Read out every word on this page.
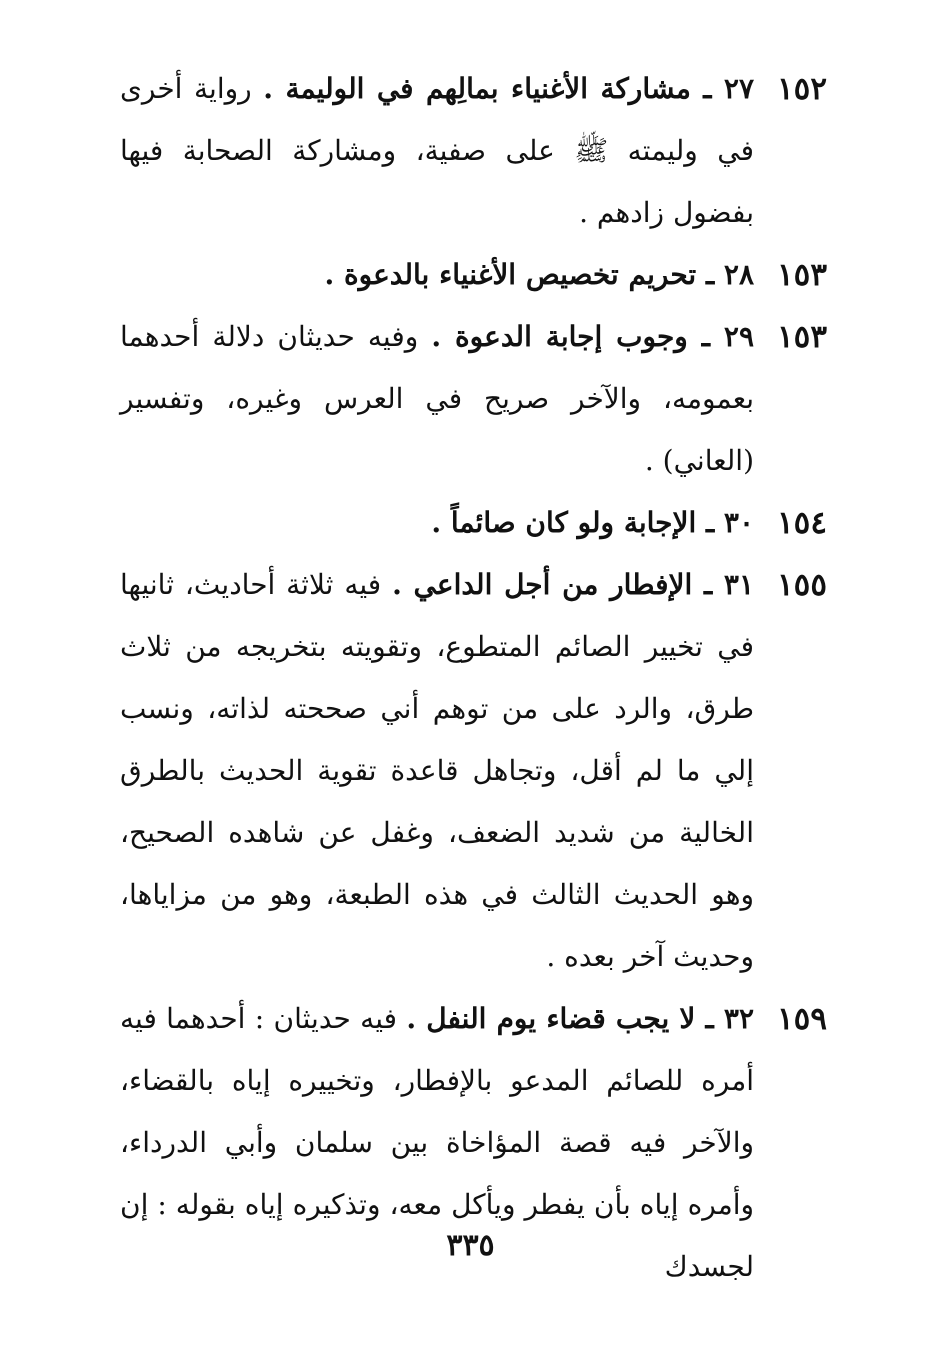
١٥٢
٢٧ ـ مشاركة الأغنياء بمالِهم في الوليمة . رواية أخرى في وليمته ﷺ على صفية، ومشاركة الصحابة فيها بفضول زادهم .
١٥٣
٢٨ ـ تحريم تخصيص الأغنياء بالدعوة .
١٥٣
٢٩ ـ وجوب إجابة الدعوة . وفيه حديثان دلالة أحدهما بعمومه، والآخر صريح في العرس وغيره، وتفسير (العاني) .
١٥٤
٣٠ ـ الإجابة ولو كان صائماً .
١٥٥
٣١ ـ الإفطار من أجل الداعي . فيه ثلاثة أحاديث، ثانيها في تخيير الصائم المتطوع، وتقويته بتخريجه من ثلاث طرق، والرد على من توهم أني صححته لذاته، ونسب إلي ما لم أقل، وتجاهل قاعدة تقوية الحديث بالطرق الخالية من شديد الضعف، وغفل عن شاهده الصحيح، وهو الحديث الثالث في هذه الطبعة، وهو من مزاياها، وحديث آخر بعده .
١٥٩
٣٢ ـ لا يجب قضاء يوم النفل . فيه حديثان : أحدهما فيه أمره للصائم المدعو بالإفطار، وتخييره إياه بالقضاء، والآخر فيه قصة المؤاخاة بين سلمان وأبي الدرداء، وأمره إياه بأن يفطر ويأكل معه، وتذكيره إياه بقوله : إن لجسدك
٣٣٥
